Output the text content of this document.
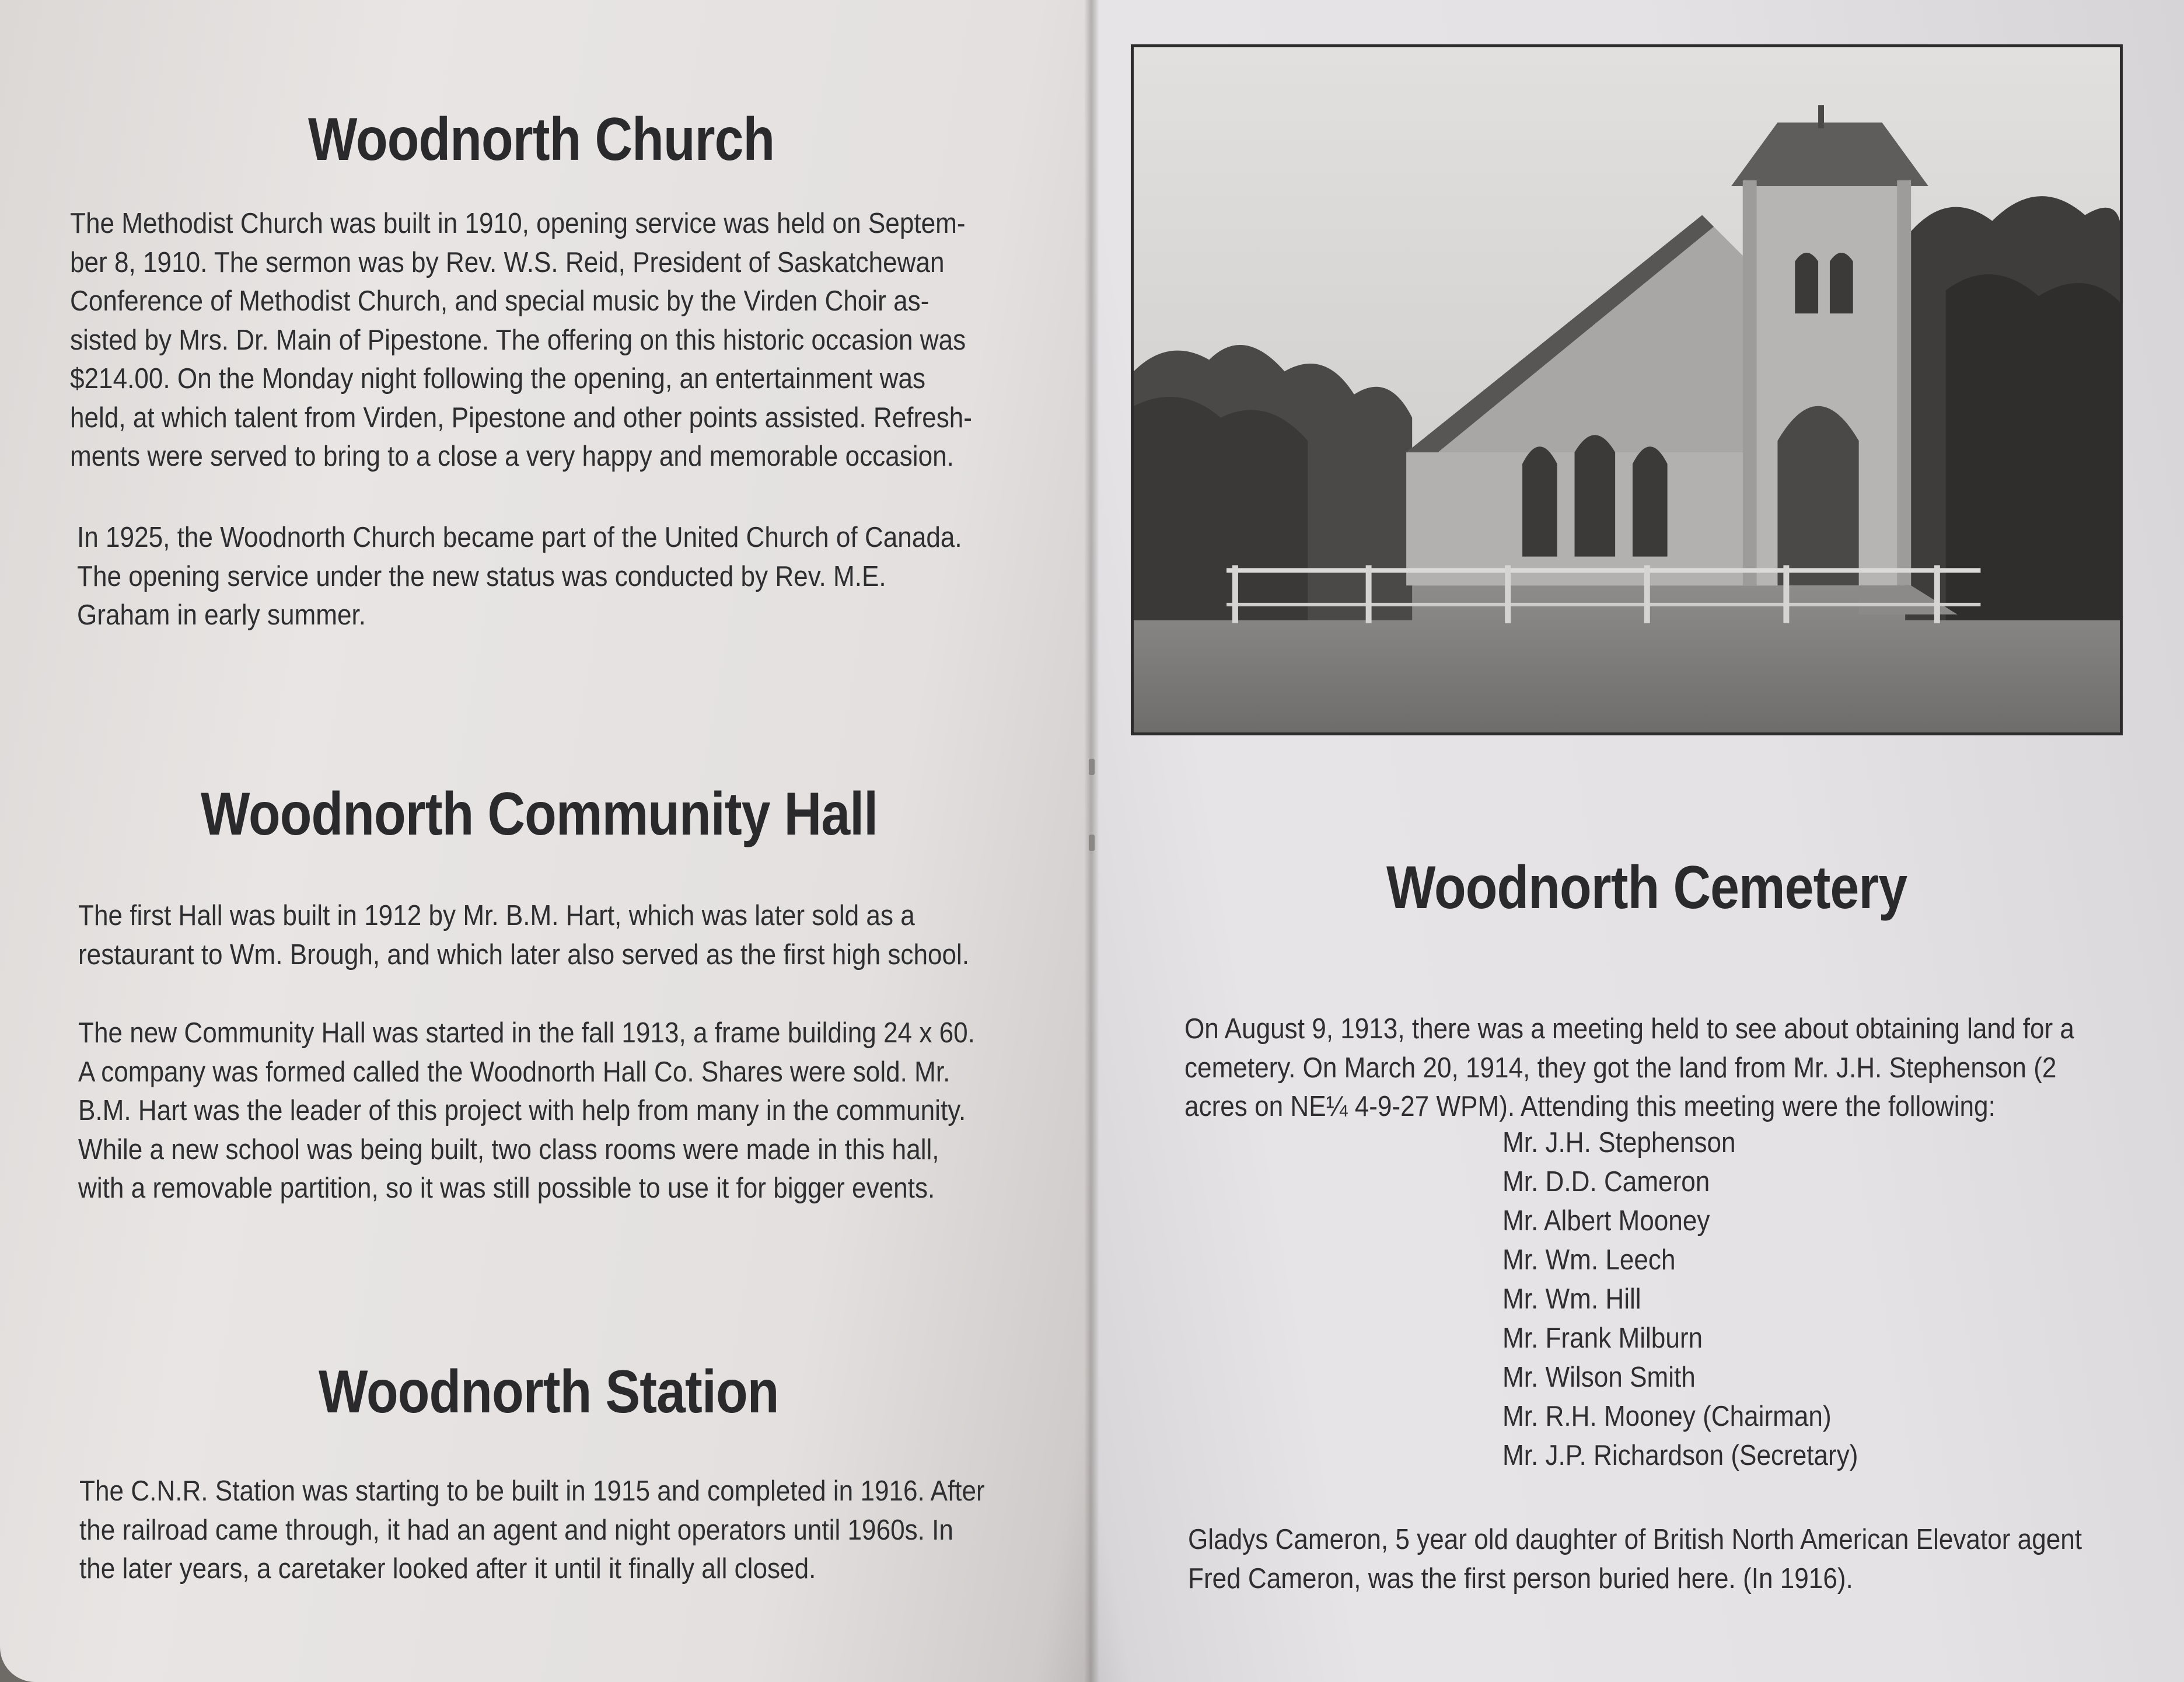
Woodnorth Church

The Methodist Church was built in 1910, opening service was held on Septem-

ber 8, 1910. The sermon was by Rev. W.S. Reid, President of Saskatchewan

Conference of Methodist Church, and special music by the Virden Choir as-

sisted by Mrs. Dr. Main of Pipestone. The offering on this historic occasion was

$214.00. On the Monday night following the opening, an entertainment was

held, at which talent from Virden, Pipestone and other points assisted. Refresh-

ments were served to bring to a close a very happy and memorable occasion.

In 1925, the Woodnorth Church became part of the United Church of Canada.

The opening service under the new status was conducted by Rev. M.E.

Graham in early summer.

Woodnorth Community Hall

The first Hall was built in 1912 by Mr. B.M. Hart, which was later sold as a

restaurant to Wm. Brough, and which later also served as the first high school.

The new Community Hall was started in the fall 1913, a frame building 24 x 60.

A company was formed called the Woodnorth Hall Co. Shares were sold. Mr.

B.M. Hart was the leader of this project with help from many in the community.

While a new school was being built, two class rooms were made in this hall,

with a removable partition, so it was still possible to use it for bigger events.

Woodnorth Station

The C.N.R. Station was starting to be built in 1915 and completed in 1916. After

the railroad came through, it had an agent and night operators until 1960s. In

the later years, a caretaker looked after it until it finally all closed.

Woodnorth Cemetery

On August 9, 1913, there was a meeting held to see about obtaining land for a

cemetery. On March 20, 1914, they got the land from Mr. J.H. Stephenson (2

acres on NE¼ 4-9-27 WPM). Attending this meeting were the following:

Mr. J.H. Stephenson
Mr. D.D. Cameron
Mr. Albert Mooney
Mr. Wm. Leech
Mr. Wm. Hill
Mr. Frank Milburn
Mr. Wilson Smith
Mr. R.H. Mooney (Chairman)
Mr. J.P. Richardson (Secretary)

Gladys Cameron, 5 year old daughter of British North American Elevator agent

Fred Cameron, was the first person buried here. (In 1916).
